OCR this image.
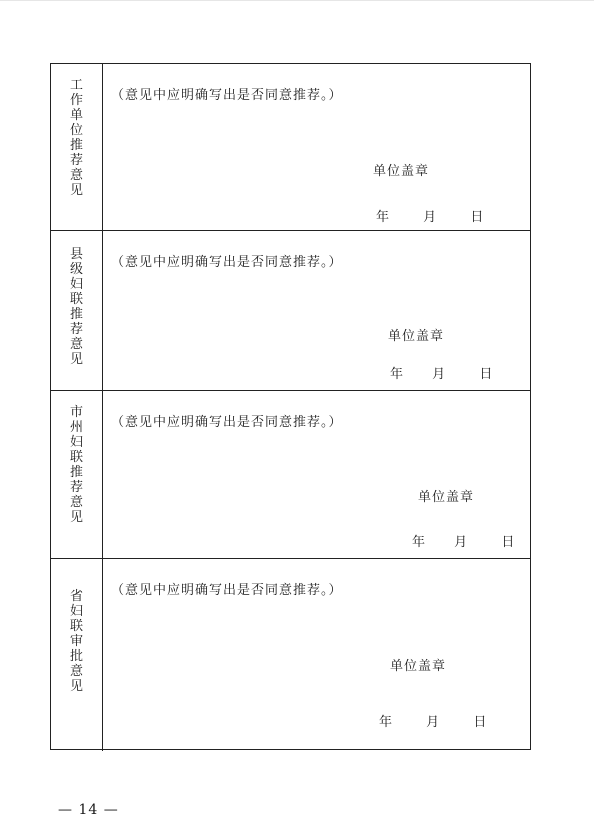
工作单位推荐意见
（意见中应明确写出是否同意推荐。）
单位盖章
年	月	日
县级妇联推荐意见
（意见中应明确写出是否同意推荐。）
单位盖章
年 月	日
市州妇联推荐意见
（意见中应明确写出是否同意推荐。）
单位盖章
年 月	日
省妇联审批意见
（意见中应明确写出是否同意推荐。）
单位盖章
年	月	日
— 14 —
